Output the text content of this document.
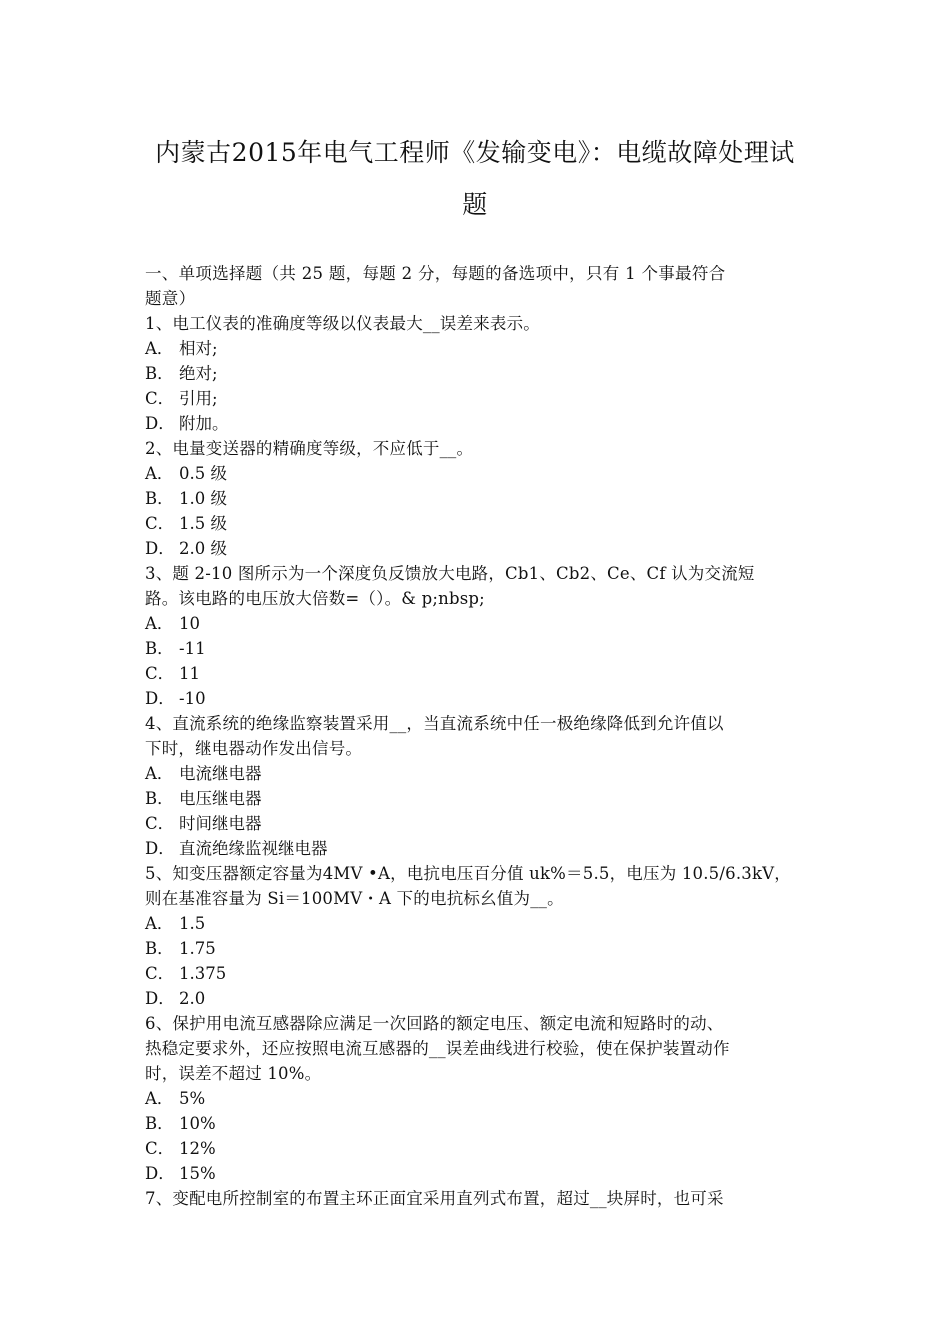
内蒙古2015年电气工程师《发输变电》：电缆故障处理试
题
一、单项选择题（共 25 题，每题 2 分，每题的备选项中，只有 1 个事最符合
题意）
1、电工仪表的准确度等级以仪表最大__误差来表示。
A． 相对;
B． 绝对;
C． 引用;
D． 附加。
2、电量变送器的精确度等级，不应低于__。
A． 0.5 级
B． 1.0 级
C． 1.5 级
D． 2.0 级
3、题 2-10 图所示为一个深度负反馈放大电路，Cb1、Cb2、Ce、Cf 认为交流短
路。该电路的电压放大倍数=（）。& p;nbsp;
A． 10
B． -11
C． 11
D． -10
4、直流系统的绝缘监察装置采用__，当直流系统中任一极绝缘降低到允许值以
下时，继电器动作发出信号。
A． 电流继电器
B． 电压继电器
C． 时间继电器
D． 直流绝缘监视继电器
5、知变压器额定容量为4MV •A，电抗电压百分值 uk%＝5.5，电压为 10.5/6.3kV，
则在基准容量为 Si＝100MV・A 下的电抗标幺值为__。
A． 1.5
B． 1.75
C． 1.375
D． 2.0
6、保护用电流互感器除应满足一次回路的额定电压、额定电流和短路时的动、
热稳定要求外，还应按照电流互感器的__误差曲线进行校验，使在保护装置动作
时，误差不超过 10%。
A． 5%
B． 10%
C． 12%
D． 15%
7、变配电所控制室的布置主环正面宜采用直列式布置，超过__块屏时，也可采
